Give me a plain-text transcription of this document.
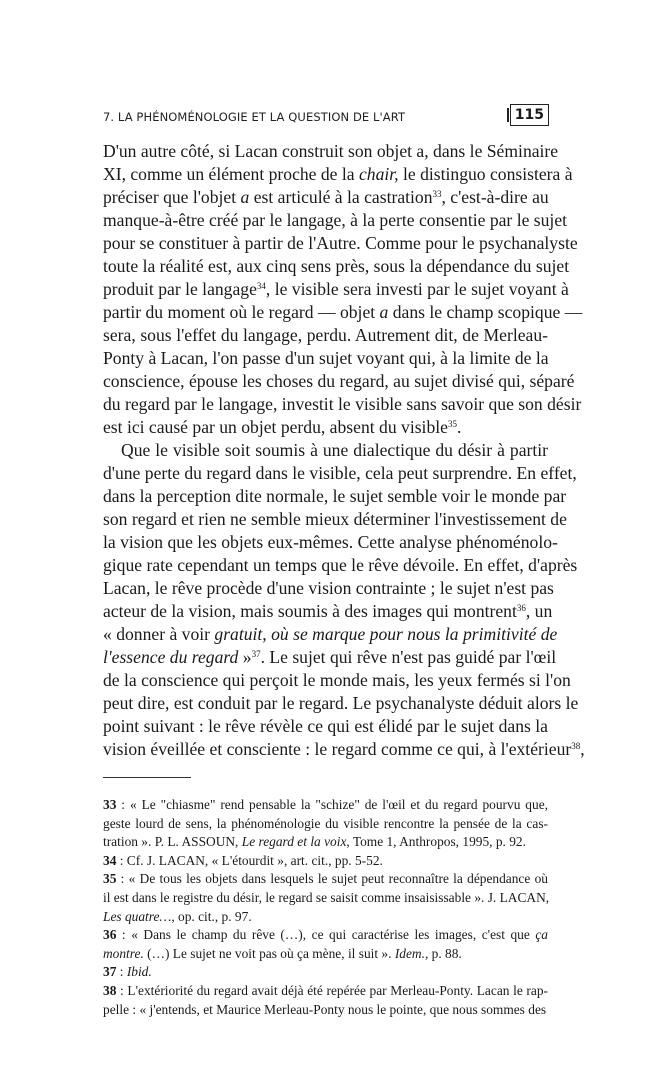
7. LA PHÉNOMÉNOLOGIE ET LA QUESTION DE L'ART	115
D'un autre côté, si Lacan construit son objet a, dans le Séminaire
XI, comme un élément proche de la chair, le distinguo consistera à
préciser que l'objet a est articulé à la castration$^{33}$, c'est-à-dire au
manque-à-être créé par le langage, à la perte consentie par le sujet
pour se constituer à partir de l'Autre. Comme pour le psychanalyste
toute la réalité est, aux cinq sens près, sous la dépendance du sujet
produit par le langage$^{34}$, le visible sera investi par le sujet voyant à
partir du moment où le regard — objet a dans le champ scopique —
sera, sous l'effet du langage, perdu. Autrement dit, de Merleau-
Ponty à Lacan, l'on passe d'un sujet voyant qui, à la limite de la
conscience, épouse les choses du regard, au sujet divisé qui, séparé
du regard par le langage, investit le visible sans savoir que son désir
est ici causé par un objet perdu, absent du visible$^{35}$.
Que le visible soit soumis à une dialectique du désir à partir
d'une perte du regard dans le visible, cela peut surprendre. En effet,
dans la perception dite normale, le sujet semble voir le monde par
son regard et rien ne semble mieux déterminer l'investissement de
la vision que les objets eux-mêmes. Cette analyse phénoménolo-
gique rate cependant un temps que le rêve dévoile. En effet, d'après
Lacan, le rêve procède d'une vision contrainte ; le sujet n'est pas
acteur de la vision, mais soumis à des images qui montrent$^{36}$, un
« donner à voir gratuit, où se marque pour nous la primitivité de
l'essence du regard »$^{37}$. Le sujet qui rêve n'est pas guidé par l'œil
de la conscience qui perçoit le monde mais, les yeux fermés si l'on
peut dire, est conduit par le regard. Le psychanalyste déduit alors le
point suivant : le rêve révèle ce qui est élidé par le sujet dans la
vision éveillée et consciente : le regard comme ce qui, à l'extérieur$^{38}$,
33 : « Le "chiasme" rend pensable la "schize" de l'œil et du regard pourvu que,
geste lourd de sens, la phénoménologie du visible rencontre la pensée de la cas-
tration ». P. L. ASSOUN, Le regard et la voix, Tome 1, Anthropos, 1995, p. 92.
34 : Cf. J. LACAN, « L'étourdit », art. cit., pp. 5-52.
35 : « De tous les objets dans lesquels le sujet peut reconnaître la dépendance où
il est dans le registre du désir, le regard se saisit comme insaisissable ». J. LACAN,
Les quatre…, op. cit., p. 97.
36 : « Dans le champ du rêve (…), ce qui caractérise les images, c'est que ça
montre. (…) Le sujet ne voit pas où ça mène, il suit ». Idem., p. 88.
37 : Ibid.
38 : L'extériorité du regard avait déjà été repérée par Merleau-Ponty. Lacan le rap-
pelle : « j'entends, et Maurice Merleau-Ponty nous le pointe, que nous sommes des
